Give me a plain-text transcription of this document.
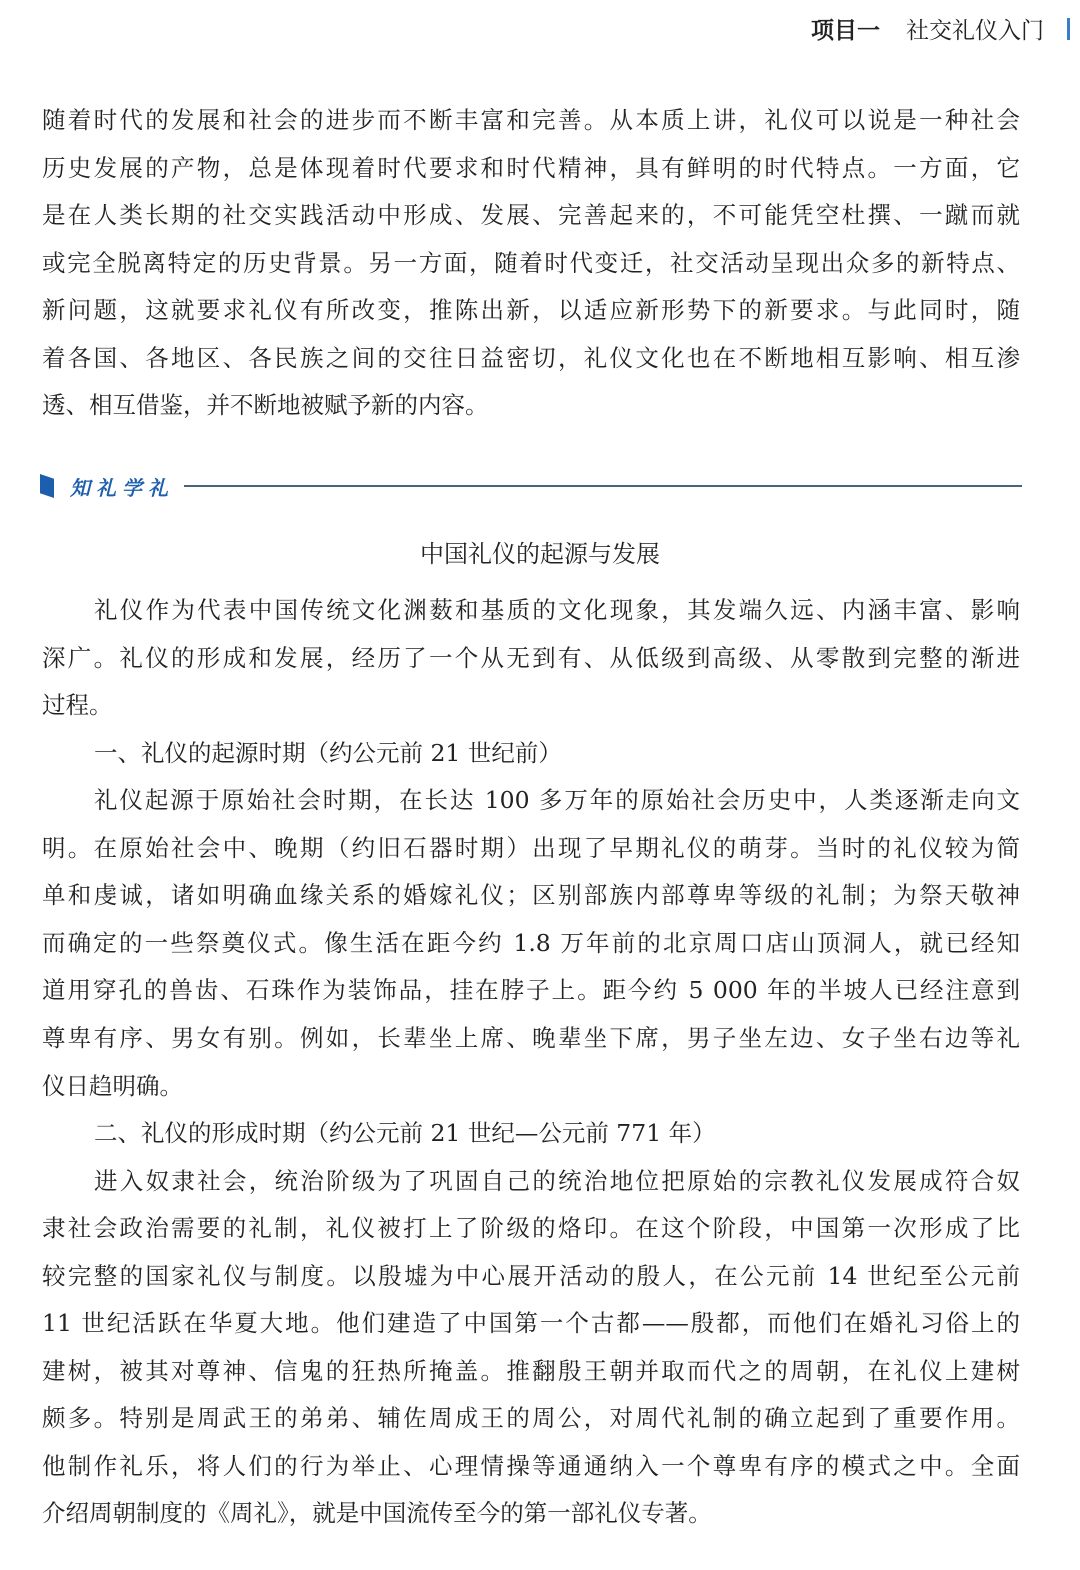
项目一 社交礼仪入门
随着时代的发展和社会的进步而不断丰富和完善。从本质上讲，礼仪可以说是一种社会
历史发展的产物，总是体现着时代要求和时代精神，具有鲜明的时代特点。一方面，它
是在人类长期的社交实践活动中形成、发展、完善起来的，不可能凭空杜撰、一蹴而就
或完全脱离特定的历史背景。另一方面，随着时代变迁，社交活动呈现出众多的新特点、
新问题，这就要求礼仪有所改变，推陈出新，以适应新形势下的新要求。与此同时，随
着各国、各地区、各民族之间的交往日益密切，礼仪文化也在不断地相互影响、相互渗
透、相互借鉴，并不断地被赋予新的内容。
知礼学礼
中国礼仪的起源与发展
礼仪作为代表中国传统文化渊薮和基质的文化现象，其发端久远、内涵丰富、影响
深广。礼仪的形成和发展，经历了一个从无到有、从低级到高级、从零散到完整的渐进
过程。
一、礼仪的起源时期（约公元前 21 世纪前）
礼仪起源于原始社会时期，在长达 100 多万年的原始社会历史中，人类逐渐走向文
明。在原始社会中、晚期（约旧石器时期）出现了早期礼仪的萌芽。当时的礼仪较为简
单和虔诚，诸如明确血缘关系的婚嫁礼仪；区别部族内部尊卑等级的礼制；为祭天敬神
而确定的一些祭奠仪式。像生活在距今约 1.8 万年前的北京周口店山顶洞人，就已经知
道用穿孔的兽齿、石珠作为装饰品，挂在脖子上。距今约 5 000 年的半坡人已经注意到
尊卑有序、男女有别。例如，长辈坐上席、晚辈坐下席，男子坐左边、女子坐右边等礼
仪日趋明确。
二、礼仪的形成时期（约公元前 21 世纪—公元前 771 年）
进入奴隶社会，统治阶级为了巩固自己的统治地位把原始的宗教礼仪发展成符合奴
隶社会政治需要的礼制，礼仪被打上了阶级的烙印。在这个阶段，中国第一次形成了比
较完整的国家礼仪与制度。以殷墟为中心展开活动的殷人，在公元前 14 世纪至公元前
11 世纪活跃在华夏大地。他们建造了中国第一个古都——殷都，而他们在婚礼习俗上的
建树，被其对尊神、信鬼的狂热所掩盖。推翻殷王朝并取而代之的周朝，在礼仪上建树
颇多。特别是周武王的弟弟、辅佐周成王的周公，对周代礼制的确立起到了重要作用。
他制作礼乐，将人们的行为举止、心理情操等通通纳入一个尊卑有序的模式之中。全面
介绍周朝制度的《周礼》，就是中国流传至今的第一部礼仪专著。
